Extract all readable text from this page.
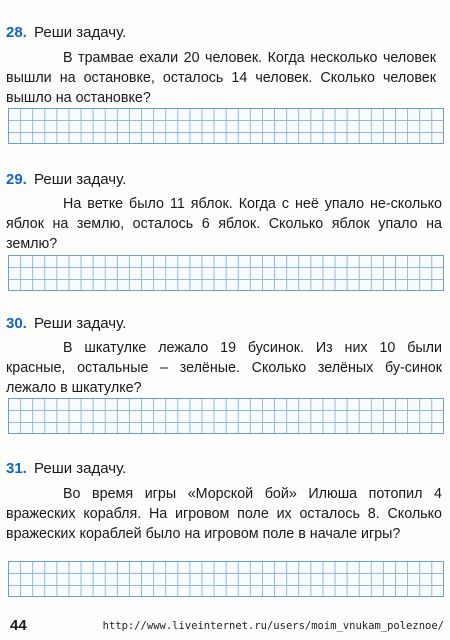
28. Реши задачу.
В трамвае ехали 20 человек. Когда несколько человек вышли на остановке, осталось 14 человек. Сколько человек вышло на остановке?
29. Реши задачу.
На ветке было 11 яблок. Когда с неё упало не-сколько яблок на землю, осталось 6 яблок. Сколько яблок упало на землю?
30. Реши задачу.
В шкатулке лежало 19 бусинок. Из них 10 были красные, остальные – зелёные. Сколько зелёных бу-синок лежало в шкатулке?
31. Реши задачу.
Во время игры «Морской бой» Илюша потопил 4 вражеских корабля. На игровом поле их осталось 8. Сколько вражеских кораблей было на игровом поле в начале игры?
44	http://www.liveinternet.ru/users/moim_vnukam_poleznoe/
